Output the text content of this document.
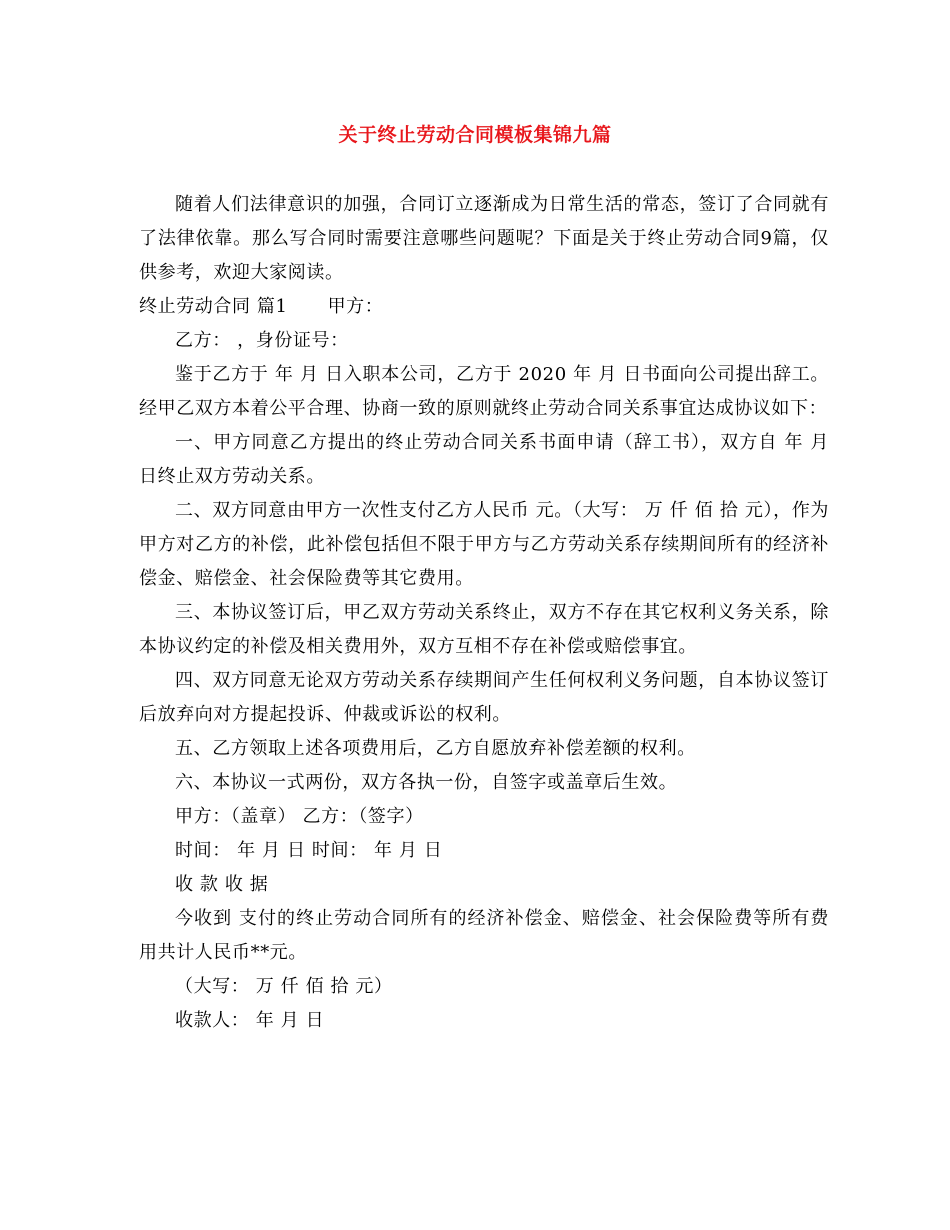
关于终止劳动合同模板集锦九篇

随着人们法律意识的加强，合同订立逐渐成为日常生活的常态，签订了合同就有了法律依靠。那么写合同时需要注意哪些问题呢？下面是关于终止劳动合同9篇，仅供参考，欢迎大家阅读。

终止劳动合同 篇1 甲方：

乙方： ，身份证号：

鉴于乙方于 年 月 日入职本公司，乙方于 2020 年 月 日书面向公司提出辞工。经甲乙双方本着公平合理、协商一致的原则就终止劳动合同关系事宜达成协议如下：

一、甲方同意乙方提出的终止劳动合同关系书面申请（辞工书），双方自 年 月 日终止双方劳动关系。

二、双方同意由甲方一次性支付乙方人民币 元。（大写： 万 仟 佰 拾 元），作为甲方对乙方的补偿，此补偿包括但不限于甲方与乙方劳动关系存续期间所有的经济补偿金、赔偿金、社会保险费等其它费用。

三、本协议签订后，甲乙双方劳动关系终止，双方不存在其它权利义务关系，除本协议约定的补偿及相关费用外，双方互相不存在补偿或赔偿事宜。

四、双方同意无论双方劳动关系存续期间产生任何权利义务问题，自本协议签订后放弃向对方提起投诉、仲裁或诉讼的权利。

五、乙方领取上述各项费用后，乙方自愿放弃补偿差额的权利。

六、本协议一式两份，双方各执一份，自签字或盖章后生效。

甲方：（盖章） 乙方：（签字）

时间： 年 月 日 时间： 年 月 日

收 款 收 据

今收到 支付的终止劳动合同所有的经济补偿金、赔偿金、社会保险费等所有费用共计人民币**元。

（大写： 万 仟 佰 拾 元）

收款人： 年 月 日
